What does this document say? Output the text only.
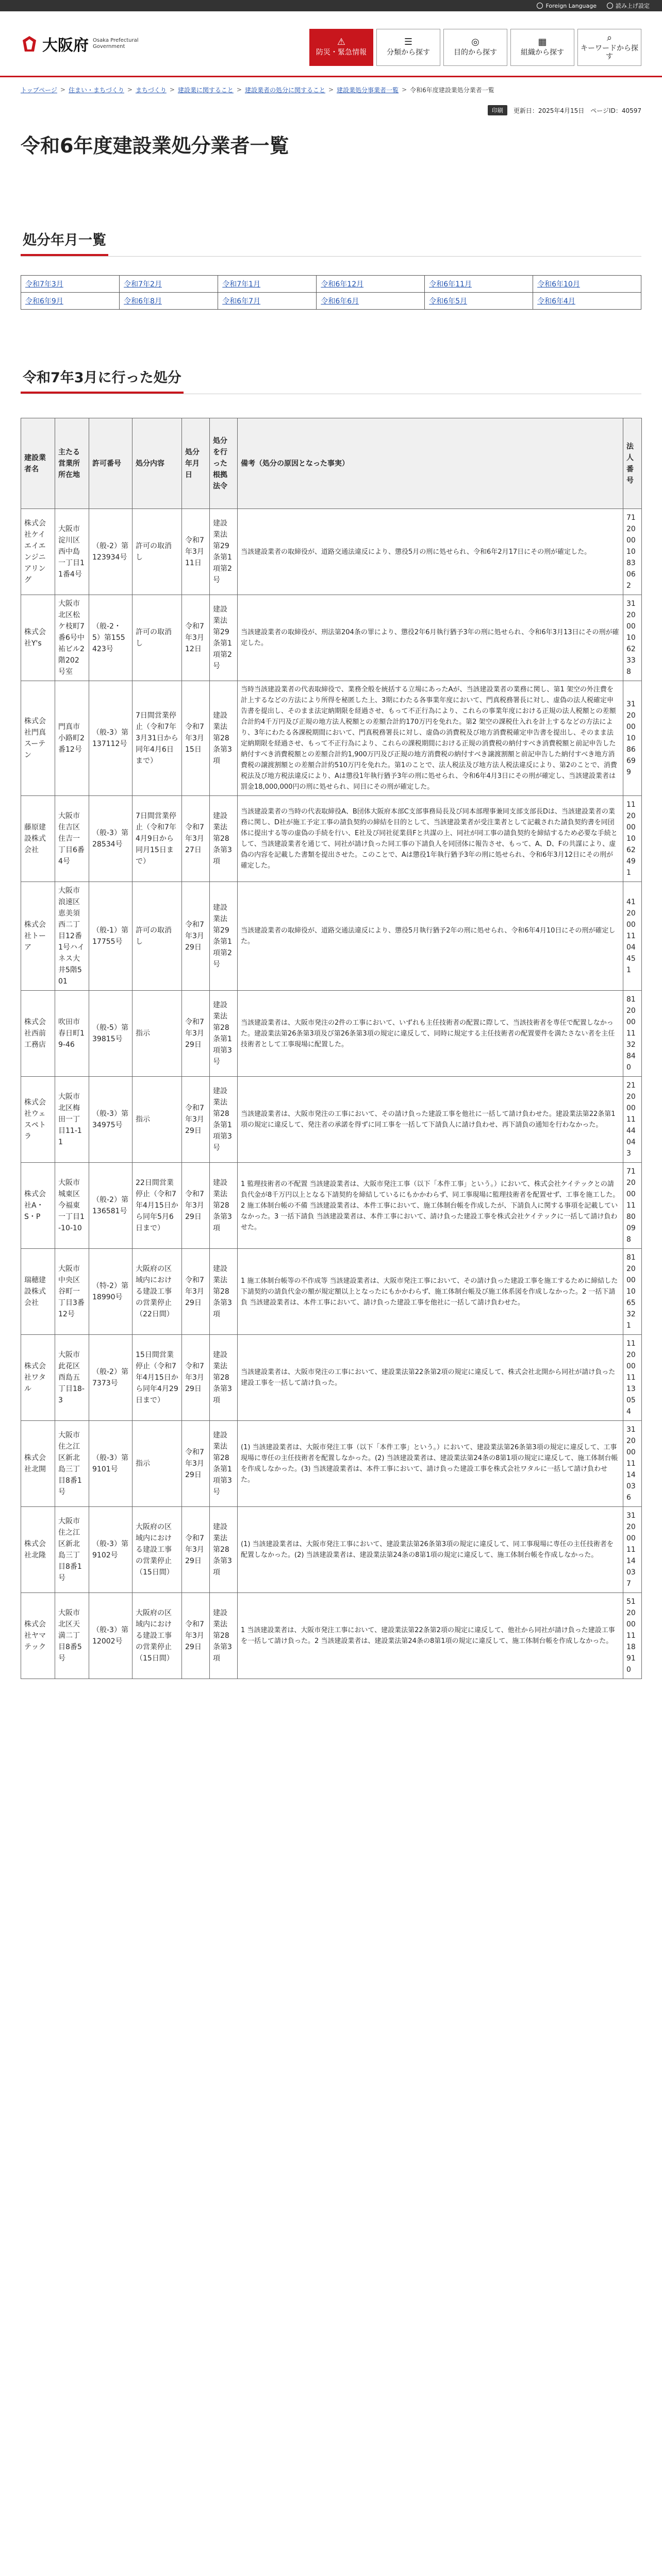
Foreign Language	読み上げ設定
大阪府 Osaka Prefectural
Government	⚠
防災・緊急情報
☰
分類から探す
◎
目的から探す
▦
組織から探す
⌕
キーワードから探す
トップページ > 住まい・まちづくり > まちづくり > 建設業に関すること > 建設業者の処分に関すること > 建設業処分事業者一覧 > 令和6年度建設業処分業者一覧
印刷	更新日：2025年4月15日 ページID：40597
令和6年度建設業処分業者一覧
処分年月一覧
令和7年3月	令和7年2月	令和7年1月	令和6年12月	令和6年11月	令和6年10月
令和6年9月	令和6年8月	令和6年7月	令和6年6月	令和6年5月	令和6年4月
令和7年3月に行った処分
建設業者名	主たる営業所所在地	許可番号	処分内容	処分年月日	処分を行った根拠法令	備考（処分の原因となった事実）	法人番号
株式会社ケイエイエンジニアリング	大阪市淀川区西中島一丁目11番4号	（般-2）第123934号	許可の取消し	令和7年3月11日	建設業法第29条第1項第2号	当該建設業者の取締役が、道路交通法違反により、懲役5月の刑に処せられ、令和6年2月17日にその刑が確定した。	7120001083062
株式会社Y's	大阪市北区松ケ枝町7番6号中祐ビル2階202号室	（般-2・5）第155423号	許可の取消し	令和7年3月12日	建設業法第29条第1項第2号	当該建設業者の取締役が、刑法第204条の罪により、懲役2年6月執行猶予3年の刑に処せられ、令和6年3月13日にその刑が確定した。	3120001062338
株式会社門真スーテン	門真市小路町2番12号	（般-3）第137112号	7日間営業停止（令和7年3月31日から同年4月6日まで）	令和7年3月15日	建設業法第28条第3項	当時当該建設業者の代表取締役で、業務全般を統括する立場にあったAが、当該建設業者の業務に関し、第1 架空の外注費を計上するなどの方法により所得を秘匿した上、3期にわたる各事業年度において、門真税務署長に対し、虚偽の法人税確定申告書を提出し、そのまま法定納期限を経過させ、もって不正行為により、これらの事業年度における正規の法人税額との差額合計約4千万円及び正規の地方法人税額との差額合計約170万円を免れた。第2 架空の課税仕入れを計上するなどの方法により、3年にわたる各課税期間において、門真税務署長に対し、虚偽の消費税及び地方消費税確定申告書を提出し、そのまま法定納期限を経過させ、もって不正行為により、これらの課税期間における正規の消費税の納付すべき消費税額と前記申告した納付すべき消費税額との差額合計約1,900万円及び正規の地方消費税の納付すべき譲渡割額と前記申告した納付すべき地方消費税の譲渡割額との差額合計約510万円を免れた。第1のことで、法人税法及び地方法人税法違反により、第2のことで、消費税法及び地方税法違反により、Aは懲役1年執行猶予3年の刑に処せられ、令和6年4月3日にその刑が確定し、当該建設業者は罰金18,000,000円の刑に処せられ、同日にその刑が確定した。	3120001086699
藤原建設株式会社	大阪市住吉区住吉一丁目6番4号	（般-3）第28534号	7日間営業停止（令和7年4月9日から同月15日まで）	令和7年3月27日	建設業法第28条第3項	当該建設業者の当時の代表取締役A、B団体大阪府本部C支部事務局長及び同本部理事兼同支部支部長Dは、当該建設業者の業務に関し、D社が施工予定工事の請負契約の締結を目的として、当該建設業者が受注業者として記載された請負契約書を同団体に提出する等の虚偽の手続を行い、E社及び同社従業員Fと共謀の上、同社が同工事の請負契約を締結するため必要な手続として、当該建設業者を通じて、同社が請け負った同工事の下請負人を同団体に報告させ、もって、A、D、Fの共謀により、虚偽の内容を記載した書類を提出させた。このことで、Aは懲役1年執行猶予3年の刑に処せられ、令和6年3月12日にその刑が確定した。	1120001062491
株式会社トーア	大阪市浪速区恵美須西二丁目12番1号ハイネス大井5階501	（般-1）第17755号	許可の取消し	令和7年3月29日	建設業法第29条第1項第2号	当該建設業者の取締役が、道路交通法違反により、懲役5月執行猶予2年の刑に処せられ、令和6年4月10日にその刑が確定した。	4120001104451
株式会社西前工務店	吹田市春日町19-46	（般-5）第39815号	指示	令和7年3月29日	建設業法第28条第1項第3号	当該建設業者は、大阪市発注の2件の工事において、いずれも主任技術者の配置に際して、当該技術者を専任で配置しなかった。建設業法第26条第3項及び第26条第3項の規定に違反して、同時に規定する主任技術者の配置要件を満たさない者を主任技術者として工事現場に配置した。	8120001132840
株式会社ウェスペトラ	大阪市北区梅田一丁目11-11	（般-3）第34975号	指示	令和7年3月29日	建設業法第28条第1項第3号	当該建設業者は、大阪市発注の工事において、その請け負った建設工事を他社に一括して請け負わせた。建設業法第22条第1項の規定に違反して、発注者の承諾を得ずに同工事を一括して下請負人に請け負わせ、再下請負の通知を行わなかった。	2120001144043
株式会社A・S・P	大阪市城東区今福東一丁目1-10-10	（般-2）第136581号	22日間営業停止（令和7年4月15日から同年5月6日まで）	令和7年3月29日	建設業法第28条第3項	1 監理技術者の不配置 当該建設業者は、大阪市発注工事（以下「本件工事」という。）において、株式会社ケイテックとの請負代金が8千万円以上となる下請契約を締結しているにもかかわらず、同工事現場に監理技術者を配置せず、工事を施工した。2 施工体制台帳の不備 当該建設業者は、本件工事において、施工体制台帳を作成したが、下請負人に関する事項を記載していなかった。3 一括下請負 当該建設業者は、本件工事において、請け負った建設工事を株式会社ケイテックに一括して請け負わせた。	7120001180098
瑞穂建設株式会社	大阪市中央区谷町一丁目3番12号	（特-2）第18990号	大阪府の区域内における建設工事の営業停止（22日間）	令和7年3月29日	建設業法第28条第3項	1 施工体制台帳等の不作成等 当該建設業者は、大阪市発注工事において、その請け負った建設工事を施工するために締結した下請契約の請負代金の額が規定額以上となったにもかかわらず、施工体制台帳及び施工体系図を作成しなかった。2 一括下請負 当該建設業者は、本件工事において、請け負った建設工事を他社に一括して請け負わせた。	8120001065321
株式会社ワタル	大阪市此花区酉島五丁目18-3	（般-2）第7373号	15日間営業停止（令和7年4月15日から同年4月29日まで）	令和7年3月29日	建設業法第28条第3項	当該建設業者は、大阪市発注の工事において、建設業法第22条第2項の規定に違反して、株式会社北開から同社が請け負った建設工事を一括して請け負った。	1120001113054
株式会社北開	大阪市住之江区新北島三丁目8番1号	（般-3）第9101号	指示	令和7年3月29日	建設業法第28条第1項第3号	(1) 当該建設業者は、大阪市発注工事（以下「本件工事」という。）において、建設業法第26条第3項の規定に違反して、工事現場に専任の主任技術者を配置しなかった。(2) 当該建設業者は、建設業法第24条の8第1項の規定に違反して、施工体制台帳を作成しなかった。(3) 当該建設業者は、本件工事において、請け負った建設工事を株式会社ワタルに一括して請け負わせた。	3120001114036
株式会社北隆	大阪市住之江区新北島三丁目8番1号	（般-3）第9102号	大阪府の区域内における建設工事の営業停止（15日間）	令和7年3月29日	建設業法第28条第3項	(1) 当該建設業者は、大阪市発注工事において、建設業法第26条第3項の規定に違反して、同工事現場に専任の主任技術者を配置しなかった。(2) 当該建設業者は、建設業法第24条の8第1項の規定に違反して、施工体制台帳を作成しなかった。	3120001114037
株式会社ヤマテック	大阪市北区天満二丁目8番5号	（般-3）第12002号	大阪府の区域内における建設工事の営業停止（15日間）	令和7年3月29日	建設業法第28条第3項	1 当該建設業者は、大阪市発注工事において、建設業法第22条第2項の規定に違反して、他社から同社が請け負った建設工事を一括して請け負った。2 当該建設業者は、建設業法第24条の8第1項の規定に違反して、施工体制台帳を作成しなかった。	5120001118910
